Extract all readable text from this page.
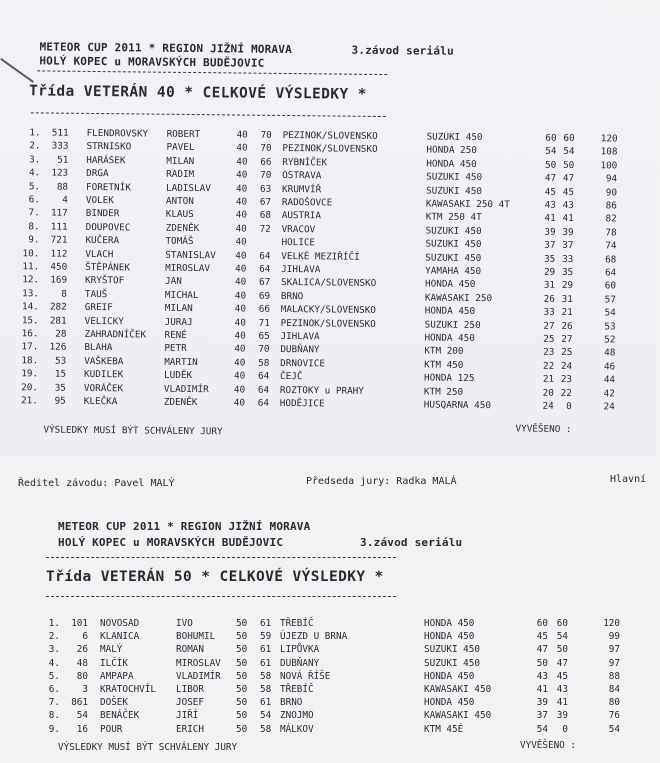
METEOR CUP 2011 * REGION JIŽNÍ MORAVA
HOLÝ KOPEC u MORAVSKÝCH BUDĚJOVIC
3.závod seriálu
Třída VETERÁN 40 * CELKOVÉ VÝSLEDKY *
1.	511 FLENDROVSKY ROBERT	40 70 PEZINOK/SLOVENSKO	SUZUKI 450	60 60	120
2.	333 STRNISKO	PAVEL	40 70 PEZINOK/SLOVENSKO	HONDA 250	54 54	108
3.	51 HARÁSEK	MILAN	40 66 RYBNÍČEK	HONDA 450	50 50	100
4.	123 DRGA	RADIM	40 70 OSTRAVA	SUZUKI 450	47 47	94
5.	88 FORETNÍK	LADISLAV	40 63 KRUMVÍŘ	SUZUKI 450	45 45	90
6.	4 VOLEK	ANTON	40 67 RADOŠOVCE	KAWASAKI 250 4T	43 43	86
7.	117 BINDER	KLAUS	40 68 AUSTRIA	KTM 250 4T	41 41	82
8.	111 DOUPOVEC	ZDENĚK	40 72 VRACOV	SUZUKI 450	39 39	78
9.	721 KUČERA	TOMÁŠ	40	HOLICE	SUZUKI 450	37 37	74
10.	112 VLACH	STANISLAV 40 64 VELKÉ MEZIŘÍČÍ	SUZUKI 450	35 33	68
11.	450 ŠTĚPÁNEK	MIROSLAV	40 64 JIHLAVA	YAMAHA 450	29 35	64
12.	169 KRYŠTOF	JAN	40 67 SKALICA/SLOVENSKO	HONDA 450	31 29	60
13.	8 TAUŠ	MICHAL	40 69 BRNO	KAWASAKI 250	26 31	57
14.	282 GREIF	MILAN	40 66 MALACKY/SLOVENSKO	HONDA 450	33 21	54
15.	281 VELICKY	JURAJ	40 71 PEZINOK/SLOVENSKO	SUZUKI 250	27 26	53
16.	28 ZAHRADNÍČEK RENÉ	40 65 JIHLAVA	HONDA 450	25 27	52
17.	126 BLAHA	PETR	40 70 DUBŇANY	KTM 200	23 25	48
18.	53 VAŠKEBA	MARTIN	40 58 DRNOVICE	KTM 450	22 24	46
19.	15 KUDILEK	LUDĚK	40 64 ČEJČ	HONDA 125	21 23	44
20.	35 VORÁČEK	VLADIMÍR	40 64 ROZTOKY u PRAHY	KTM 250	20 22	42
21.	95 KLEČKA	ZDENĚK	40 64 HODĚJICE	HUSQARNA 450	24	0	24
VÝSLEDKY MUSÍ BÝT SCHVÁLENY JURY	VYVĚŠENO :
Ředitel závodu: Pavel MALÝ	Předseda jury: Radka MALÁ	Hlavní
METEOR CUP 2011 * REGION JIŽNÍ MORAVA
HOLÝ KOPEC u MORAVSKÝCH BUDĚJOVIC	3.závod seriálu
Třída VETERÁN 50 * CELKOVÉ VÝSLEDKY *
1.	101 NOVOSAD	IVO	50 61 TŘEBÍČ	HONDA 450	60 60	120
2.	6 KLANICA	BOHUMIL 50 59 ÚJEZD U BRNA	HONDA 450	45 54	99
3.	26 MALÝ	ROMAN	50 61 LIPŮVKA	SUZUKI 450	47 50	97
4.	48 ILČÍK	MIROSLAV 50 61 DUBŇANY	SUZUKI 450	50 47	97
5.	80 AMPAPA	VLADIMÍR 50 58 NOVÁ ŘÍŠE	HONDA 450	43 45	88
6.	3 KRATOCHVÍL LIBOR	50 58 TŘEBÍČ	KAWASAKI 450	41 43	84
7.	861 DOŠEK	JOSEF	50 61 BRNO	HONDA 450	39 41	80
8.	54 BENÁČEK	JIŘÍ	50 54 ZNOJMO	KAWASAKI 450	37 39	76
9.	16 POUR	ERICH	50 58 MÁLKOV	KTM 45É	54	0	54
VÝSLEDKY MUSÍ BÝT SCHVÁLENY JURY	VYVĚŠENO :
